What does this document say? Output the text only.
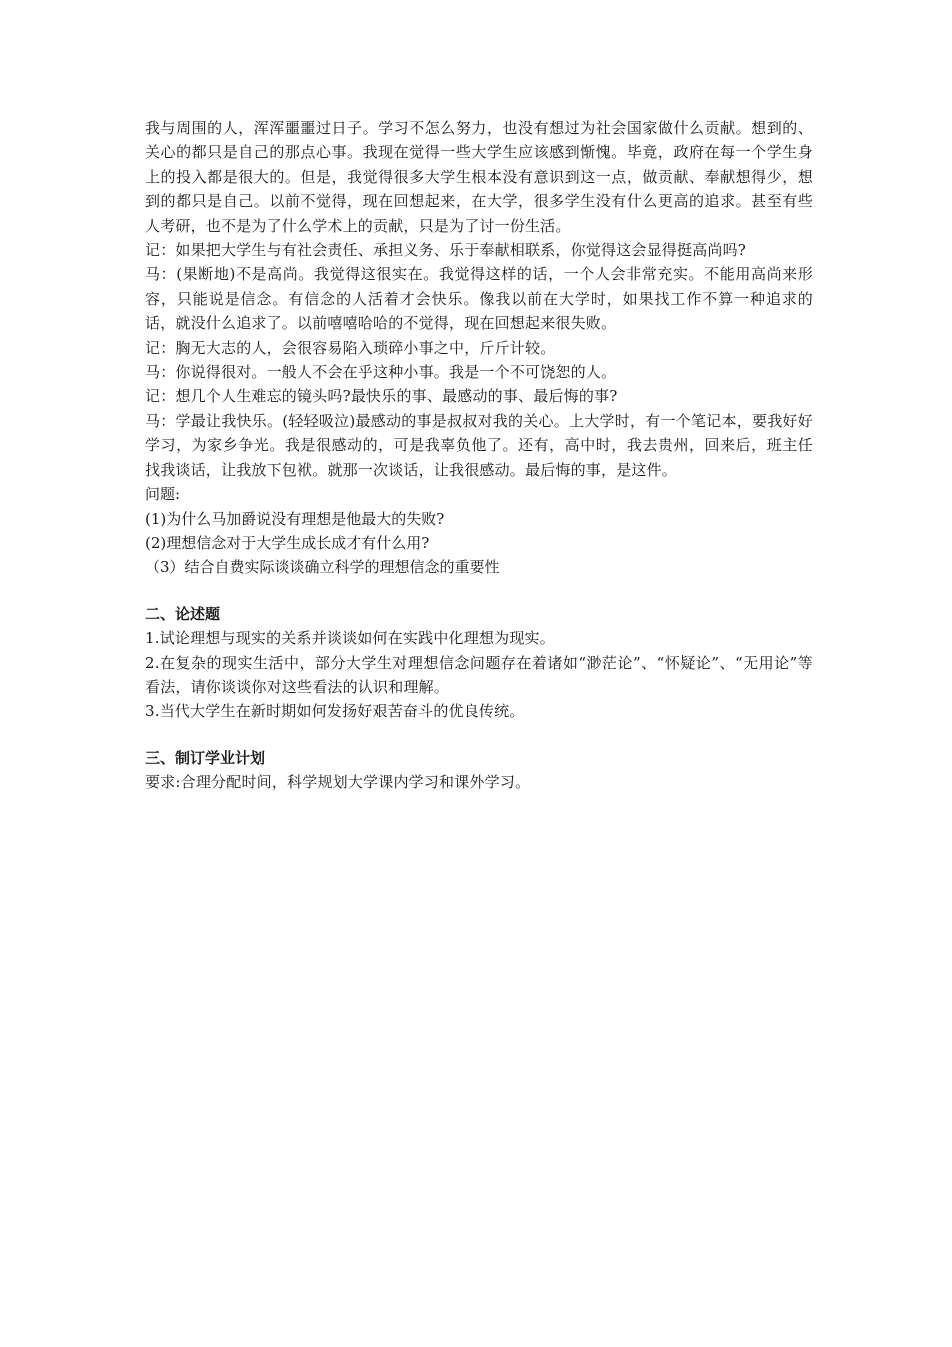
我与周围的人，浑浑噩噩过日子。学习不怎么努力，也没有想过为社会国家做什么贡献。想到的、关心的都只是自己的那点心事。我现在觉得一些大学生应该感到惭愧。毕竟，政府在每一个学生身上的投入都是很大的。但是，我觉得很多大学生根本没有意识到这一点，做贡献、奉献想得少，想到的都只是自己。以前不觉得，现在回想起来，在大学，很多学生没有什么更高的追求。甚至有些人考研，也不是为了什么学术上的贡献，只是为了讨一份生活。

记：如果把大学生与有社会责任、承担义务、乐于奉献相联系，你觉得这会显得挺高尚吗?

马：(果断地)不是高尚。我觉得这很实在。我觉得这样的话，一个人会非常充实。不能用高尚来形容，只能说是信念。有信念的人活着才会快乐。像我以前在大学时，如果找工作不算一种追求的话，就没什么追求了。以前嘻嘻哈哈的不觉得，现在回想起来很失败。

记：胸无大志的人，会很容易陷入琐碎小事之中，斤斤计较。

马：你说得很对。一般人不会在乎这种小事。我是一个不可饶恕的人。

记：想几个人生难忘的镜头吗?最快乐的事、最感动的事、最后悔的事?

马：学最让我快乐。(轻轻吸泣)最感动的事是叔叔对我的关心。上大学时，有一个笔记本，要我好好学习，为家乡争光。我是很感动的，可是我辜负他了。还有，高中时，我去贵州，回来后，班主任找我谈话，让我放下包袱。就那一次谈话，让我很感动。最后悔的事，是这件。

问题:

(1)为什么马加爵说没有理想是他最大的失败?

(2)理想信念对于大学生成长成才有什么用?

（3）结合自费实际谈谈确立科学的理想信念的重要性

二、论述题

1.试论理想与现实的关系并谈谈如何在实践中化理想为现实。

2.在复杂的现实生活中，部分大学生对理想信念问题存在着诸如“渺茫论”、“怀疑论”、“无用论”等看法，请你谈谈你对这些看法的认识和理解。

3.当代大学生在新时期如何发扬好艰苦奋斗的优良传统。

三、制订学业计划

要求:合理分配时间，科学规划大学课内学习和课外学习。
